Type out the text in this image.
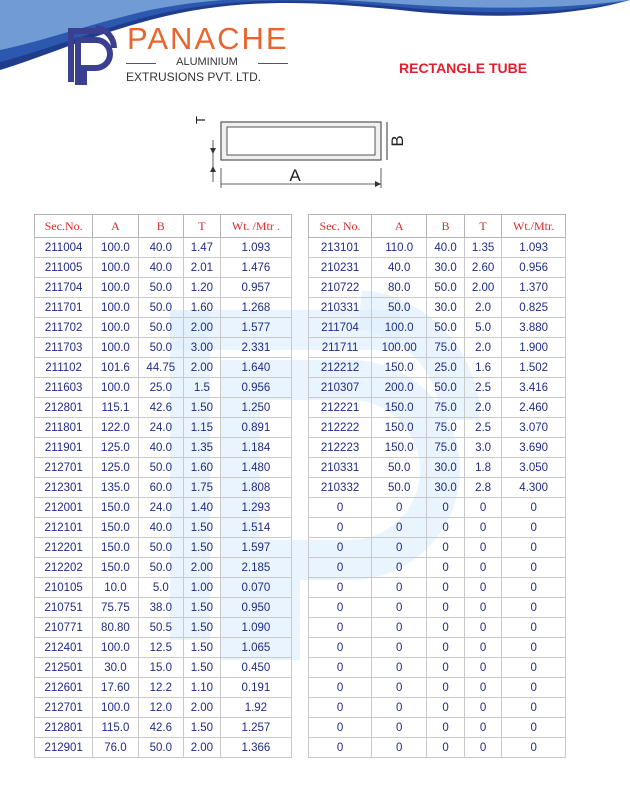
PANACHE
ALUMINIUM
EXTRUSIONS PVT. LTD.
RECTANGLE TUBE
A
B
T
Sec.No.	A	B	T	Wt. /Mtr .
211004	100.0	40.0	1.47	1.093
211005	100.0	40.0	2.01	1.476
211704	100.0	50.0	1.20	0.957
211701	100.0	50.0	1.60	1.268
211702	100.0	50.0	2.00	1.577
211703	100.0	50.0	3.00	2.331
211102	101.6	44.75	2.00	1.640
211603	100.0	25.0	1.5	0.956
212801	115.1	42.6	1.50	1.250
211801	122.0	24.0	1.15	0.891
211901	125.0	40.0	1.35	1.184
212701	125.0	50.0	1.60	1.480
212301	135.0	60.0	1.75	1.808
212001	150.0	24.0	1.40	1.293
212101	150.0	40.0	1.50	1.514
212201	150.0	50.0	1.50	1.597
212202	150.0	50.0	2.00	2.185
210105	10.0	5.0	1.00	0.070
210751	75.75	38.0	1.50	0.950
210771	80.80	50.5	1.50	1.090
212401	100.0	12.5	1.50	1.065
212501	30.0	15.0	1.50	0.450
212601	17.60	12.2	1.10	0.191
212701	100.0	12.0	2.00	1.92
212801	115.0	42.6	1.50	1.257
212901	76.0	50.0	2.00	1.366
Sec. No.	A	B	T	Wt./Mtr.
213101	110.0	40.0	1.35	1.093
210231	40.0	30.0	2.60	0.956
210722	80.0	50.0	2.00	1.370
210331	50.0	30.0	2.0	0.825
211704	100.0	50.0	5.0	3.880
211711	100.00	75.0	2.0	1.900
212212	150.0	25.0	1.6	1.502
210307	200.0	50.0	2.5	3.416
212221	150.0	75.0	2.0	2.460
212222	150.0	75.0	2.5	3.070
212223	150.0	75.0	3.0	3.690
210331	50.0	30.0	1.8	3.050
210332	50.0	30.0	2.8	4.300
0	0	0	0	0
0	0	0	0	0
0	0	0	0	0
0	0	0	0	0
0	0	0	0	0
0	0	0	0	0
0	0	0	0	0
0	0	0	0	0
0	0	0	0	0
0	0	0	0	0
0	0	0	0	0
0	0	0	0	0
0	0	0	0	0
